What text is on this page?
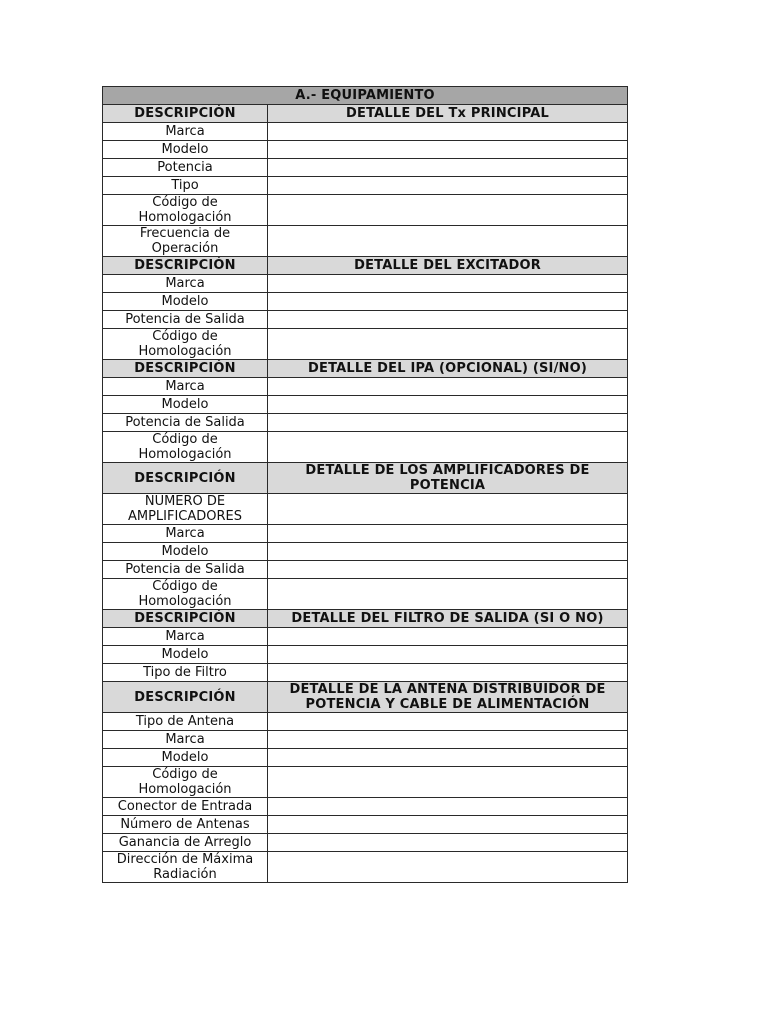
A.- EQUIPAMIENTO	
DESCRIPCIÓN	DETALLE DEL Tx PRINCIPAL
Marca	
Modelo	
Potencia	
Tipo	
Código de Homologación	
Frecuencia de Operación	
DESCRIPCIÓN	DETALLE DEL EXCITADOR
Marca	
Modelo	
Potencia de Salida	
Código de Homologación	
DESCRIPCIÓN	DETALLE DEL IPA (OPCIONAL) (SI/NO)
Marca	
Modelo	
Potencia de Salida	
Código de Homologación	
DESCRIPCIÓN	DETALLE DE LOS AMPLIFICADORES DE POTENCIA
NÚMERO DE AMPLIFICADORES	
Marca	
Modelo	
Potencia de Salida	
Código de Homologación	
DESCRIPCIÓN	DETALLE DEL FILTRO DE SALIDA (SI O NO)
Marca	
Modelo	
Tipo de Filtro	
DESCRIPCIÓN	DETALLE DE LA ANTENA DISTRIBUIDOR DE POTENCIA Y CABLE DE ALIMENTACIÓN
Tipo de Antena	
Marca	
Modelo	
Código de Homologación	
Conector de Entrada	
Número de Antenas	
Ganancia de Arreglo	
Dirección de Máxima Radiación	
